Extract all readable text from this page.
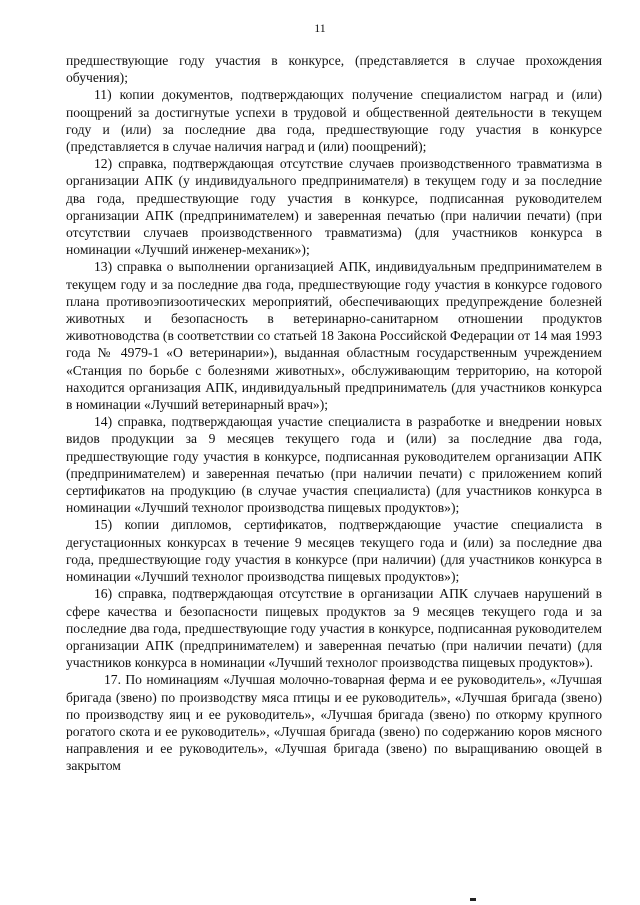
11

предшествующие году участия в конкурсе, (представляется в случае прохождения обучения);

11) копии документов, подтверждающих получение специалистом наград и (или) поощрений за достигнутые успехи в трудовой и общественной деятельности в текущем году и (или) за последние два года, предшествующие году участия в конкурсе (представляется в случае наличия наград и (или) поощрений);

12) справка, подтверждающая отсутствие случаев производственного травматизма в организации АПК (у индивидуального предпринимателя) в текущем году и за последние два года, предшествующие году участия в конкурсе, подписанная руководителем организации АПК (предпринимателем) и заверенная печатью (при наличии печати) (при отсутствии случаев производственного травматизма) (для участников конкурса в номинации «Лучший инженер-механик»);

13) справка о выполнении организацией АПК, индивидуальным предпринимателем в текущем году и за последние два года, предшествующие году участия в конкурсе годового плана противоэпизоотических мероприятий, обеспечивающих предупреждение болезней животных и безопасность в ветеринарно-санитарном отношении продуктов животноводства (в соответствии со статьей 18 Закона Российской Федерации от 14 мая 1993 года № 4979-1 «О ветеринарии»), выданная областным государственным учреждением «Станция по борьбе с болезнями животных», обслуживающим территорию, на которой находится организация АПК, индивидуальный предприниматель (для участников конкурса в номинации «Лучший ветеринарный врач»);

14) справка, подтверждающая участие специалиста в разработке и внедрении новых видов продукции за 9 месяцев текущего года и (или) за последние два года, предшествующие году участия в конкурсе, подписанная руководителем организации АПК (предпринимателем) и заверенная печатью (при наличии печати) с приложением копий сертификатов на продукцию (в случае участия специалиста) (для участников конкурса в номинации «Лучший технолог производства пищевых продуктов»);

15) копии дипломов, сертификатов, подтверждающие участие специалиста в дегустационных конкурсах в течение 9 месяцев текущего года и (или) за последние два года, предшествующие году участия в конкурсе (при наличии) (для участников конкурса в номинации «Лучший технолог производства пищевых продуктов»);

16) справка, подтверждающая отсутствие в организации АПК случаев нарушений в сфере качества и безопасности пищевых продуктов за 9 месяцев текущего года и за последние два года, предшествующие году участия в конкурсе, подписанная руководителем организации АПК (предпринимателем) и заверенная печатью (при наличии печати) (для участников конкурса в номинации «Лучший технолог производства пищевых продуктов»).

17. По номинациям «Лучшая молочно-товарная ферма и ее руководитель», «Лучшая бригада (звено) по производству мяса птицы и ее руководитель», «Лучшая бригада (звено) по производству яиц и ее руководитель», «Лучшая бригада (звено) по откорму крупного рогатого скота и ее руководитель», «Лучшая бригада (звено) по содержанию коров мясного направления и ее руководитель», «Лучшая бригада (звено) по выращиванию овощей в закрытом
